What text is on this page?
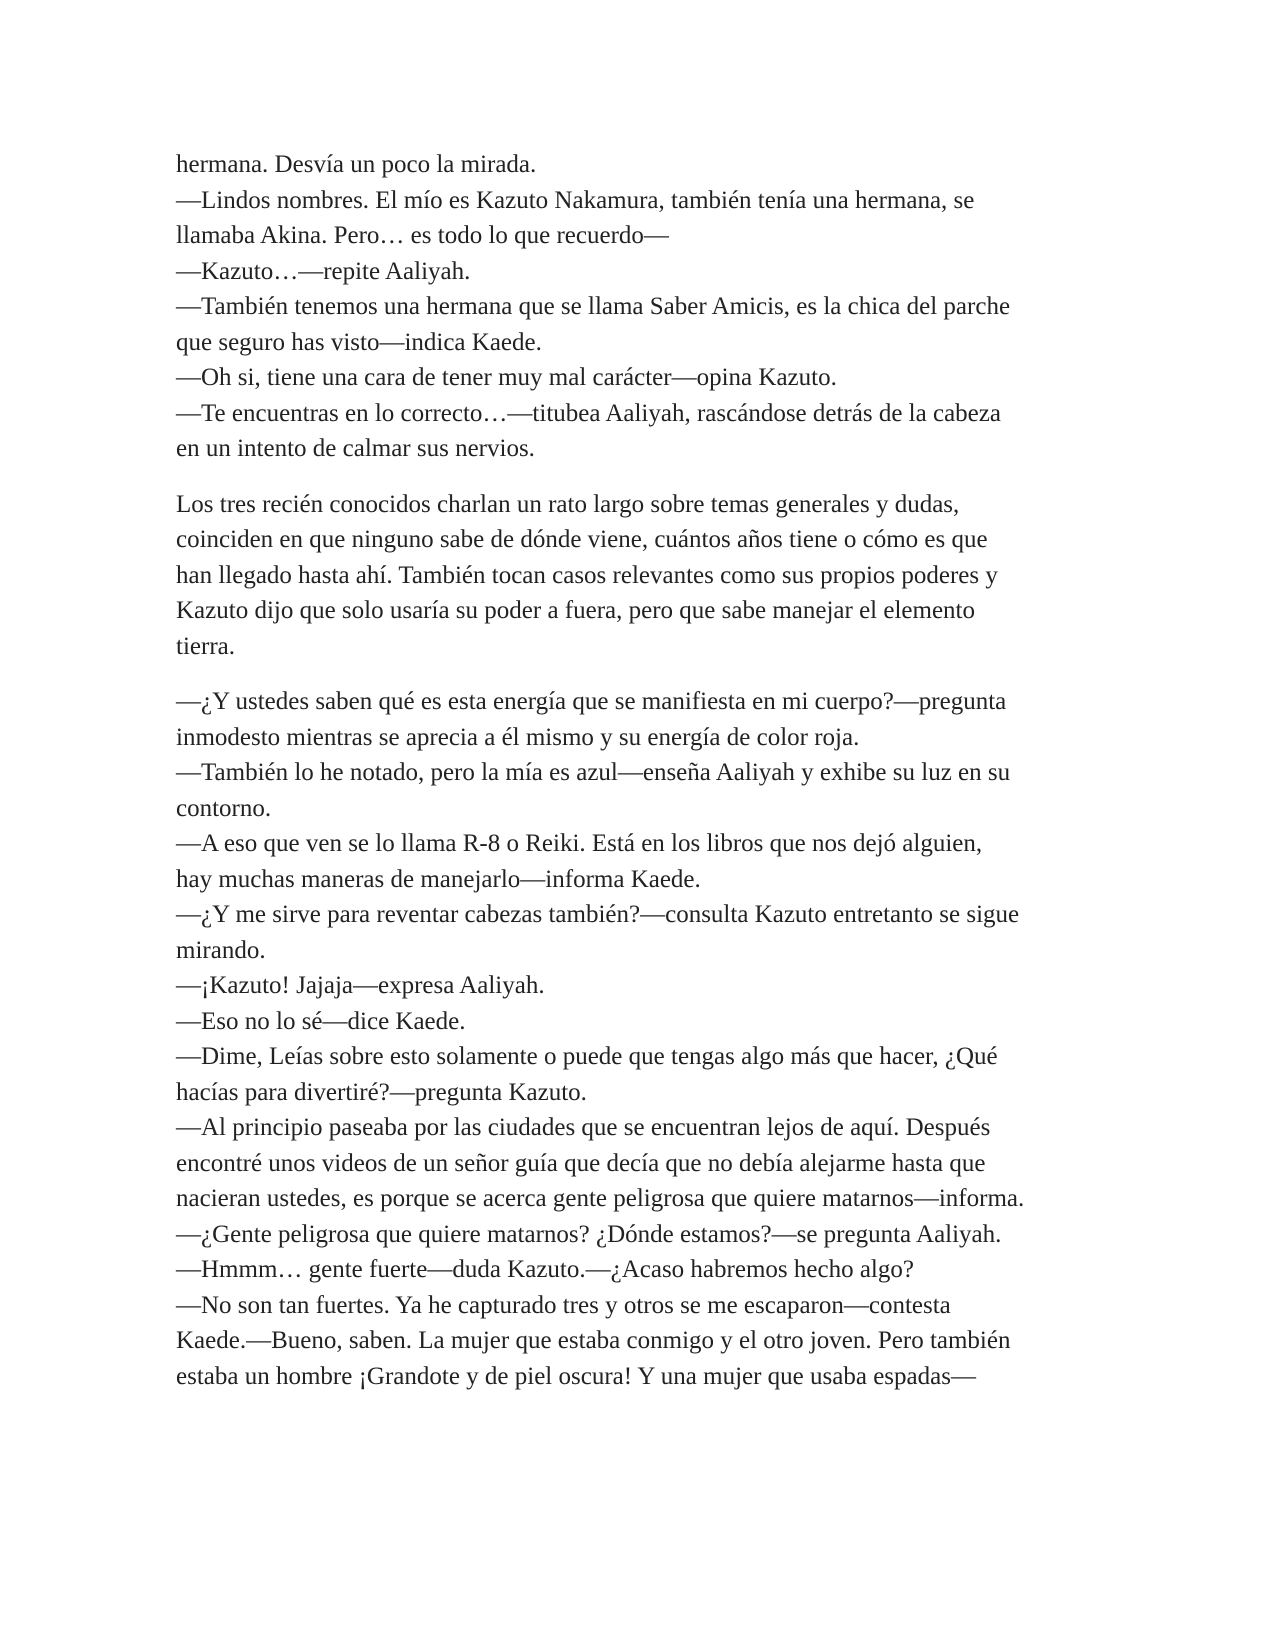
hermana. Desvía un poco la mirada.
—Lindos nombres. El mío es Kazuto Nakamura, también tenía una hermana, se
llamaba Akina. Pero… es todo lo que recuerdo—
—Kazuto…—repite Aaliyah.
—También tenemos una hermana que se llama Saber Amicis, es la chica del parche
que seguro has visto—indica Kaede.
—Oh si, tiene una cara de tener muy mal carácter—opina Kazuto.
—Te encuentras en lo correcto…—titubea Aaliyah, rascándose detrás de la cabeza
en un intento de calmar sus nervios.

Los tres recién conocidos charlan un rato largo sobre temas generales y dudas,
coinciden en que ninguno sabe de dónde viene, cuántos años tiene o cómo es que
han llegado hasta ahí. También tocan casos relevantes como sus propios poderes y
Kazuto dijo que solo usaría su poder a fuera, pero que sabe manejar el elemento
tierra.

—¿Y ustedes saben qué es esta energía que se manifiesta en mi cuerpo?—pregunta
inmodesto mientras se aprecia a él mismo y su energía de color roja.
—También lo he notado, pero la mía es azul—enseña Aaliyah y exhibe su luz en su
contorno.
—A eso que ven se lo llama R-8 o Reiki. Está en los libros que nos dejó alguien,
hay muchas maneras de manejarlo—informa Kaede.
—¿Y me sirve para reventar cabezas también?—consulta Kazuto entretanto se sigue
mirando.
—¡Kazuto! Jajaja—expresa Aaliyah.
—Eso no lo sé—dice Kaede.
—Dime, Leías sobre esto solamente o puede que tengas algo más que hacer, ¿Qué
hacías para divertiré?—pregunta Kazuto.
—Al principio paseaba por las ciudades que se encuentran lejos de aquí. Después
encontré unos videos de un señor guía que decía que no debía alejarme hasta que
nacieran ustedes, es porque se acerca gente peligrosa que quiere matarnos—informa.
—¿Gente peligrosa que quiere matarnos? ¿Dónde estamos?—se pregunta Aaliyah.
—Hmmm… gente fuerte—duda Kazuto.—¿Acaso habremos hecho algo?
—No son tan fuertes. Ya he capturado tres y otros se me escaparon—contesta
Kaede.—Bueno, saben. La mujer que estaba conmigo y el otro joven. Pero también
estaba un hombre ¡Grandote y de piel oscura! Y una mujer que usaba espadas—
